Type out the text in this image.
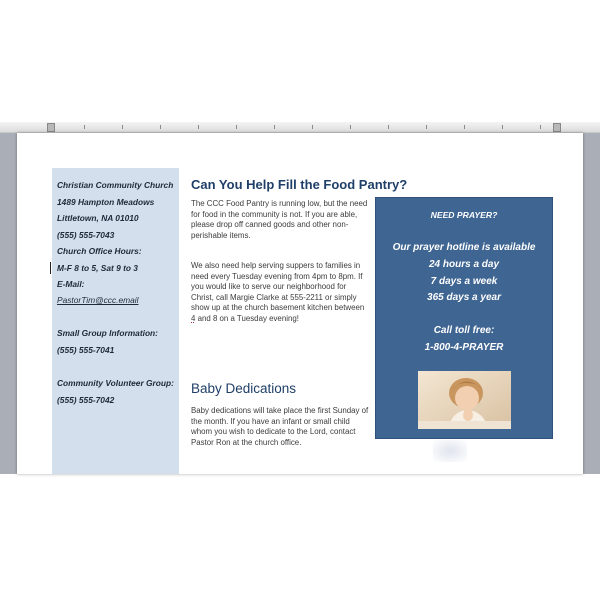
Christian Community Church
1489 Hampton Meadows
Littletown, NA 01010
(555) 555-7043
Church Office Hours:
M-F 8 to 5, Sat 9 to 3
E-Mail:
PastorTim@ccc.email
Small Group Information:
(555) 555-7041
Community Volunteer Group:
(555) 555-7042
Can You Help Fill the Food Pantry?

The CCC Food Pantry is running low, but the need for food in the community is not. If you are able, please drop off canned goods and other non-perishable items.

We also need help serving suppers to families in need every Tuesday evening from 4pm to 8pm. If you would like to serve our neighborhood for Christ, call Margie Clarke at 555-2211 or simply show up at the church basement kitchen between 4 and 8 on a Tuesday evening!

Baby Dedications

Baby dedications will take place the first Sunday of the month. If you have an infant or small child whom you wish to dedicate to the Lord, contact Pastor Ron at the church office.

NEED PRAYER?
Our prayer hotline is available
24 hours a day
7 days a week
365 days a year
Call toll free:
1-800-4-PRAYER
